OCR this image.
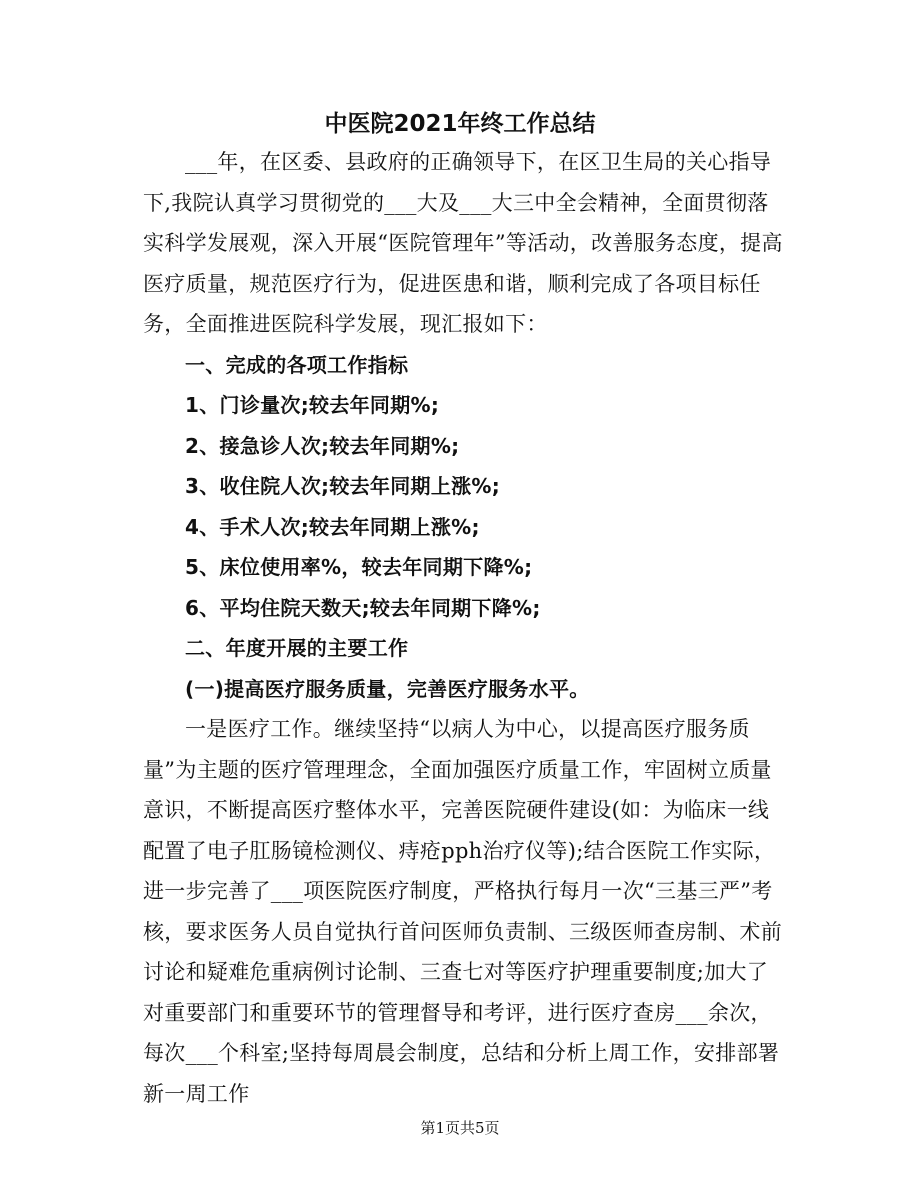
中医院2021年终工作总结

___年，在区委、县政府的正确领导下，在区卫生局的关心指导下,我院认真学习贯彻党的___大及___大三中全会精神，全面贯彻落实科学发展观，深入开展“医院管理年”等活动，改善服务态度，提高医疗质量，规范医疗行为，促进医患和谐，顺利完成了各项目标任务，全面推进医院科学发展，现汇报如下：

一、完成的各项工作指标

1、门诊量次;较去年同期%;

2、接急诊人次;较去年同期%;

3、收住院人次;较去年同期上涨%;

4、手术人次;较去年同期上涨%;

5、床位使用率%，较去年同期下降%;

6、平均住院天数天;较去年同期下降%;

二、年度开展的主要工作

(一)提高医疗服务质量，完善医疗服务水平。

一是医疗工作。继续坚持“以病人为中心，以提高医疗服务质量”为主题的医疗管理理念，全面加强医疗质量工作，牢固树立质量意识，不断提高医疗整体水平，完善医院硬件建设(如：为临床一线配置了电子肛肠镜检测仪、痔疮pph治疗仪等);结合医院工作实际，进一步完善了___项医院医疗制度，严格执行每月一次“三基三严”考核，要求医务人员自觉执行首问医师负责制、三级医师查房制、术前讨论和疑难危重病例讨论制、三查七对等医疗护理重要制度;加大了对重要部门和重要环节的管理督导和考评，进行医疗查房___余次，每次___个科室;坚持每周晨会制度，总结和分析上周工作，安排部署新一周工作

第1页共5页
